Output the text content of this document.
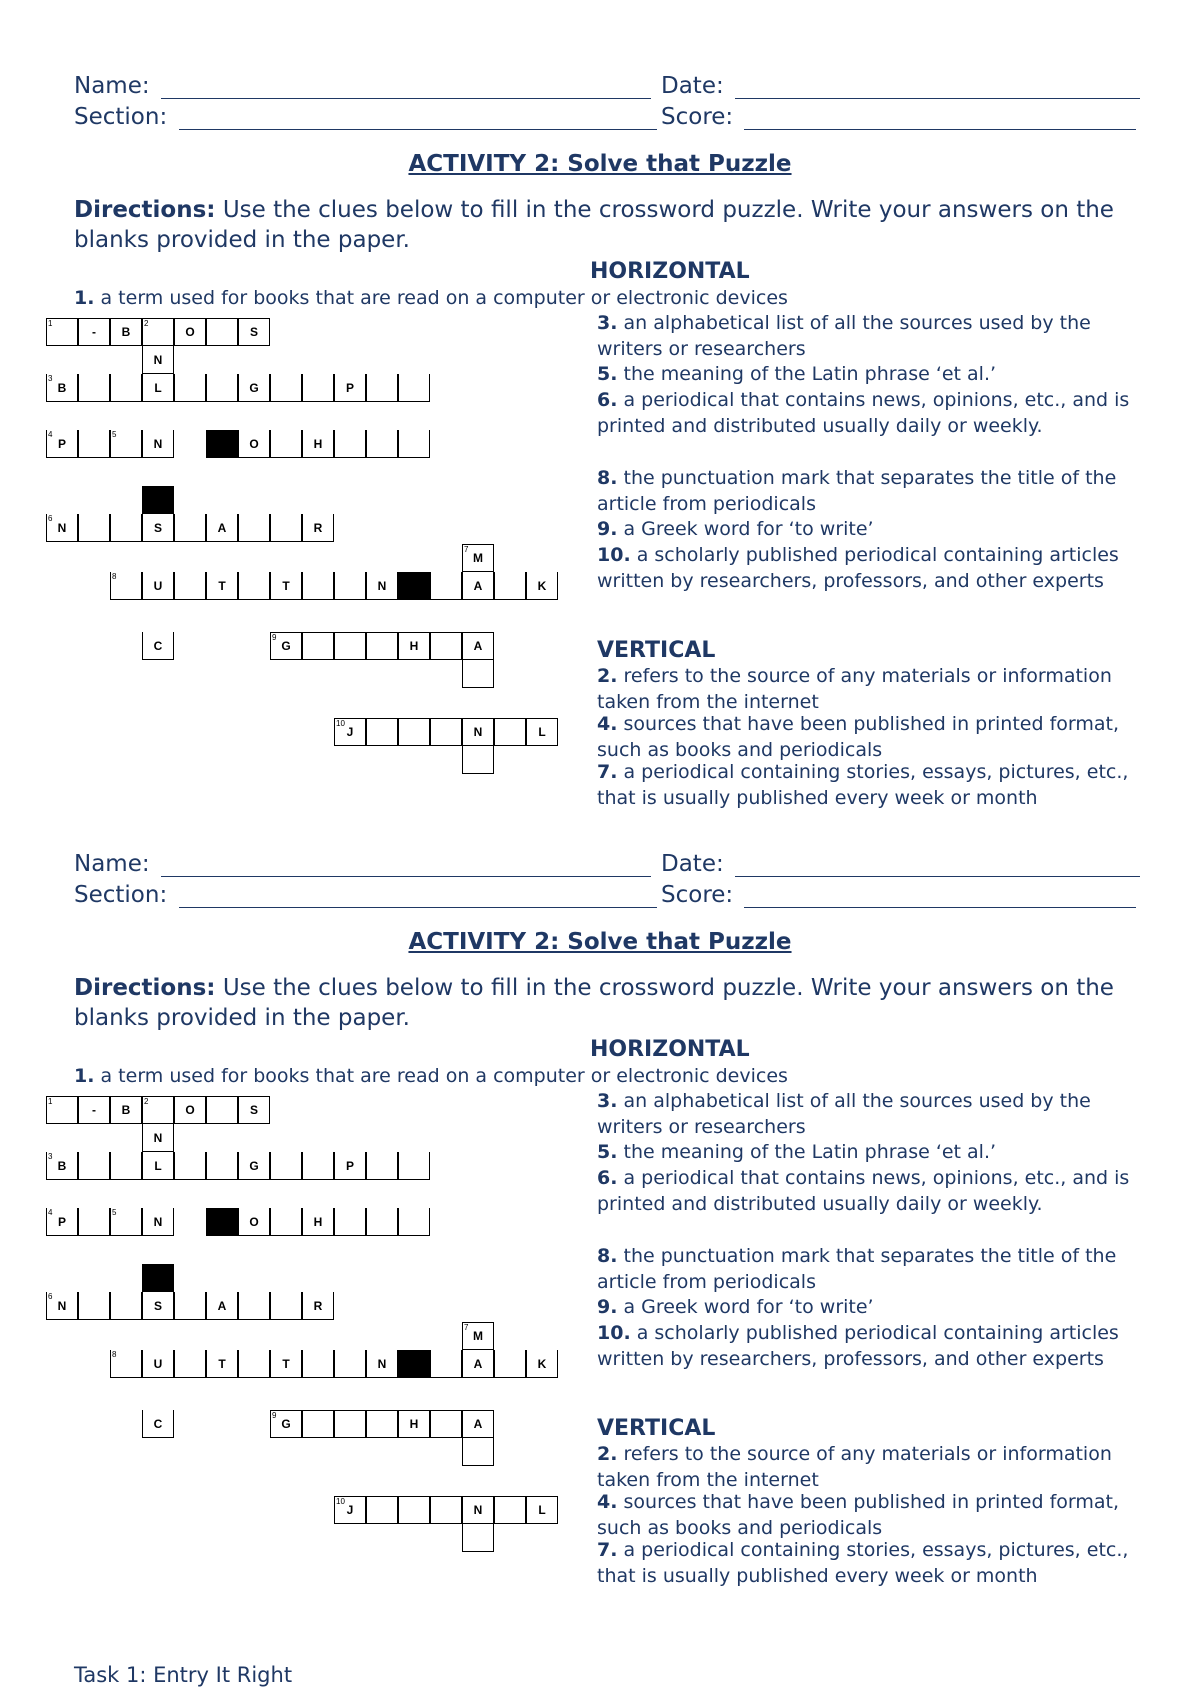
Name:	Date:
Section:	Score:
ACTIVITY 2: Solve that Puzzle
Directions: Use the clues below to fill in the crossword puzzle. Write your answers on the blanks provided in the paper.
HORIZONTAL
1. a term used for books that are read on a computer or electronic devices
3. an alphabetical list of all the sources used by the writers or researchers
5. the meaning of the Latin phrase ‘et al.’
6. a periodical that contains news, opinions, etc., and is printed and distributed usually daily or weekly.
8. the punctuation mark that separates the title of the article from periodicals
9. a Greek word for ‘to write’
10. a scholarly published periodical containing articles written by researchers, professors, and other experts
VERTICAL
2. refers to the source of any materials or information taken from the internet
4. sources that have been published in printed format, such as books and periodicals
7. a periodical containing stories, essays, pictures, etc., that is usually published every week or month
1
- B
2
O	S
N
B
3
L	G	P
P
4	5
N	O	H
N
6
S	A	R
M
7
8
U	T	T	N	A	K
C	G
9
H	A
J
10
N	L
Name:	Date:
Section:	Score:
ACTIVITY 2: Solve that Puzzle
Directions: Use the clues below to fill in the crossword puzzle. Write your answers on the blanks provided in the paper.
HORIZONTAL
1. a term used for books that are read on a computer or electronic devices
3. an alphabetical list of all the sources used by the writers or researchers
5. the meaning of the Latin phrase ‘et al.’
6. a periodical that contains news, opinions, etc., and is printed and distributed usually daily or weekly.
8. the punctuation mark that separates the title of the article from periodicals
9. a Greek word for ‘to write’
10. a scholarly published periodical containing articles written by researchers, professors, and other experts
VERTICAL
2. refers to the source of any materials or information taken from the internet
4. sources that have been published in printed format, such as books and periodicals
7. a periodical containing stories, essays, pictures, etc., that is usually published every week or month
1
- B
2
O	S
N
B
3
L	G	P
P
4	5
N	O	H
N
6
S	A	R
M
7
8
U	T	T	N	A	K
C	G
9
H	A
J
10
N	L
Task 1: Entry It Right
